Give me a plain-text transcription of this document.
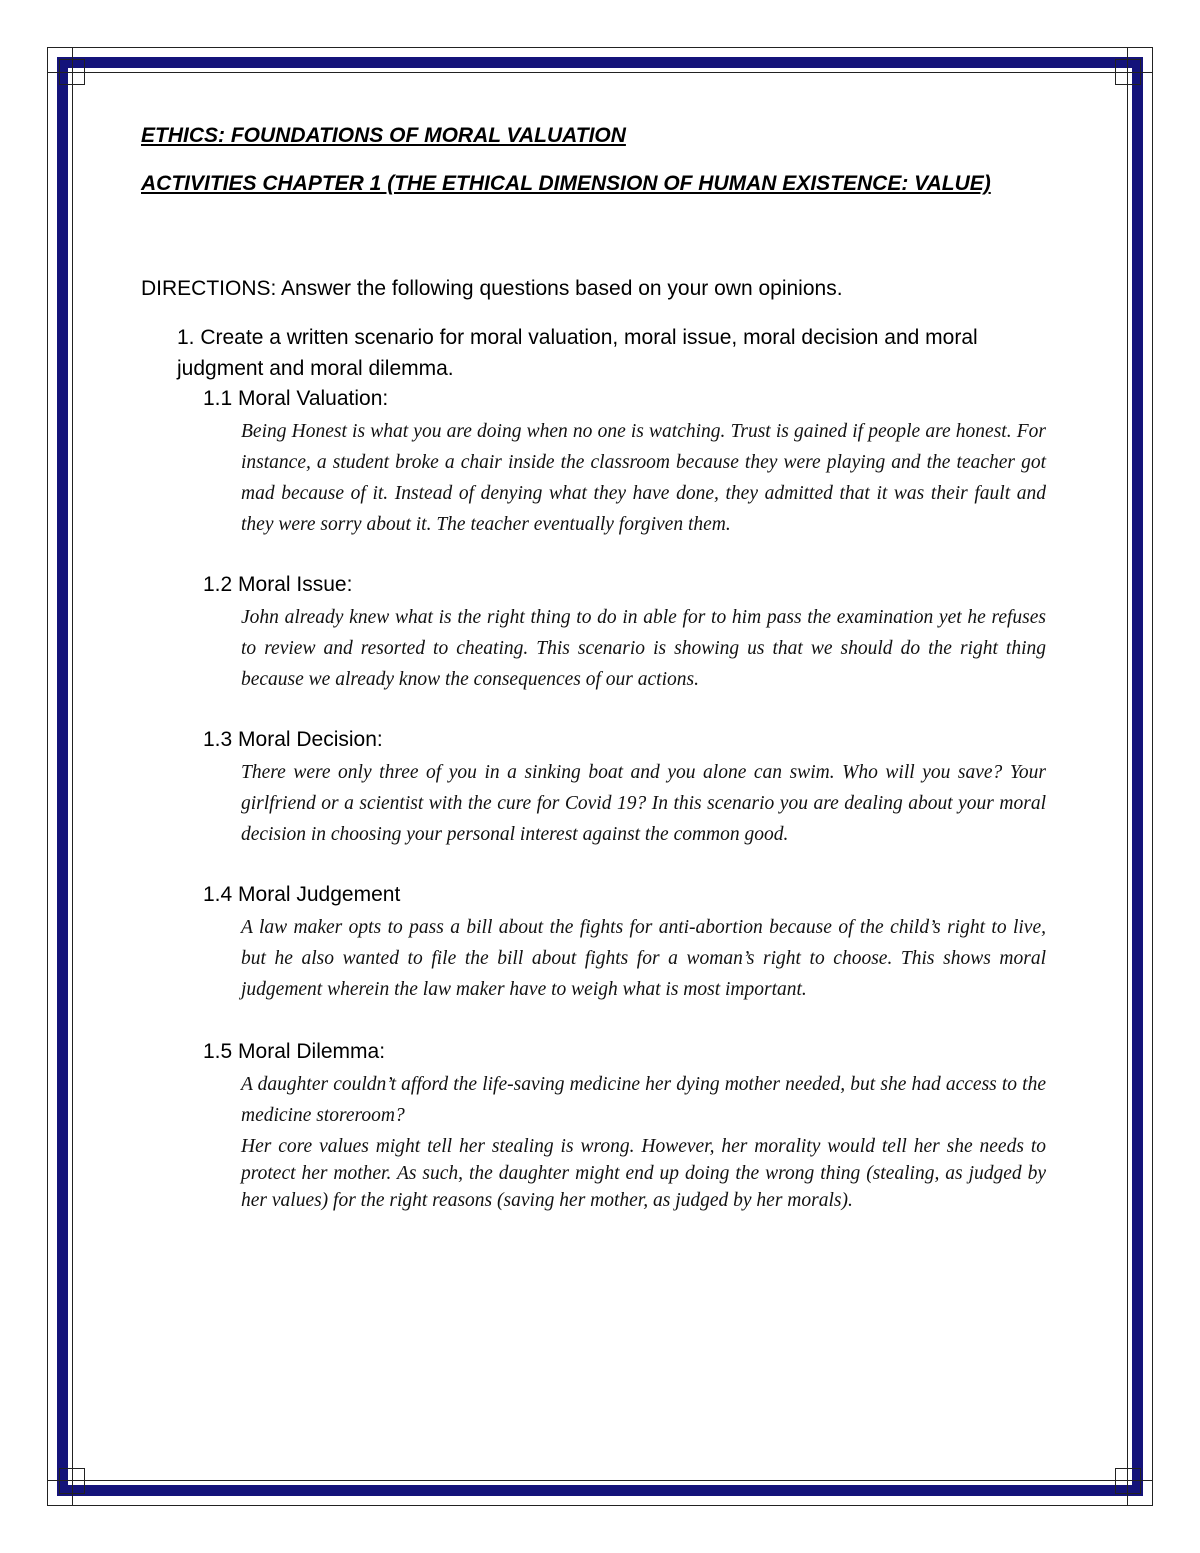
ETHICS: FOUNDATIONS OF MORAL VALUATION

ACTIVITIES CHAPTER 1 (THE ETHICAL DIMENSION OF HUMAN EXISTENCE: VALUE)

DIRECTIONS: Answer the following questions based on your own opinions.

1. Create a written scenario for moral valuation, moral issue, moral decision and moral judgment and moral dilemma.

1.1 Moral Valuation:

Being Honest is what you are doing when no one is watching. Trust is gained if people are honest. For instance, a student broke a chair inside the classroom because they were playing and the teacher got mad because of it. Instead of denying what they have done, they admitted that it was their fault and they were sorry about it. The teacher eventually forgiven them.

1.2 Moral Issue:

John already knew what is the right thing to do in able for to him pass the examination yet he refuses to review and resorted to cheating. This scenario is showing us that we should do the right thing because we already know the consequences of our actions.

1.3 Moral Decision:

There were only three of you in a sinking boat and you alone can swim. Who will you save? Your girlfriend or a scientist with the cure for Covid 19? In this scenario you are dealing about your moral decision in choosing your personal interest against the common good.

1.4 Moral Judgement

A law maker opts to pass a bill about the fights for anti-abortion because of the child’s right to live, but he also wanted to file the bill about fights for a woman’s right to choose. This shows moral judgement wherein the law maker have to weigh what is most important.

1.5 Moral Dilemma:

A daughter couldn’t afford the life-saving medicine her dying mother needed, but she had access to the medicine storeroom?

Her core values might tell her stealing is wrong. However, her morality would tell her she needs to protect her mother. As such, the daughter might end up doing the wrong thing (stealing, as judged by her values) for the right reasons (saving her mother, as judged by her morals).
